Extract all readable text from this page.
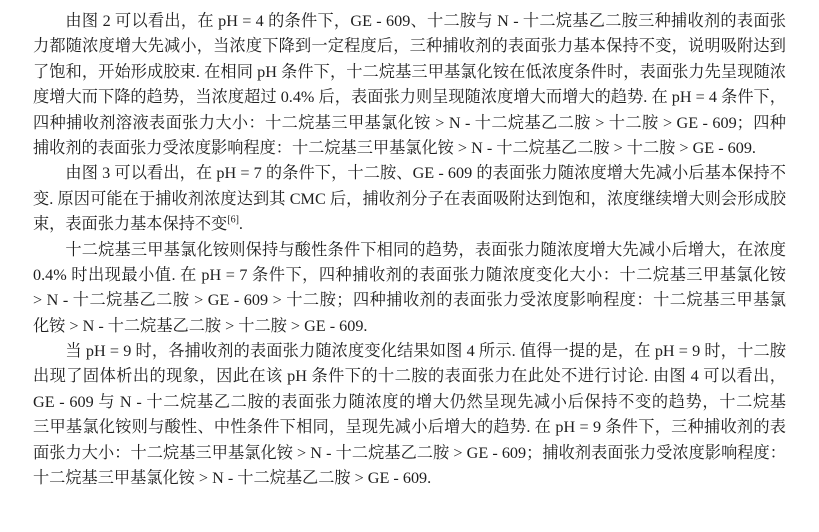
由图 2 可以看出，在 pH = 4 的条件下，GE - 609、十二胺与 N - 十二烷基乙二胺三种捕收剂的表面张
力都随浓度增大先减小，当浓度下降到一定程度后，三种捕收剂的表面张力基本保持不变，说明吸附达到
了饱和，开始形成胶束. 在相同 pH 条件下，十二烷基三甲基氯化铵在低浓度条件时，表面张力先呈现随浓
度增大而下降的趋势，当浓度超过 0.4% 后，表面张力则呈现随浓度增大而增大的趋势. 在 pH = 4 条件下，
四种捕收剂溶液表面张力大小：十二烷基三甲基氯化铵 > N - 十二烷基乙二胺 > 十二胺 > GE - 609；四种
捕收剂的表面张力受浓度影响程度：十二烷基三甲基氯化铵 > N - 十二烷基乙二胺 > 十二胺 > GE - 609.
由图 3 可以看出，在 pH = 7 的条件下，十二胺、GE - 609 的表面张力随浓度增大先减小后基本保持不
变. 原因可能在于捕收剂浓度达到其 CMC 后，捕收剂分子在表面吸附达到饱和，浓度继续增大则会形成胶
束，表面张力基本保持不变[6].
十二烷基三甲基氯化铵则保持与酸性条件下相同的趋势，表面张力随浓度增大先减小后增大，在浓度
0.4% 时出现最小值. 在 pH = 7 条件下，四种捕收剂的表面张力随浓度变化大小：十二烷基三甲基氯化铵
> N - 十二烷基乙二胺 > GE - 609 > 十二胺；四种捕收剂的表面张力受浓度影响程度：十二烷基三甲基氯
化铵 > N - 十二烷基乙二胺 > 十二胺 > GE - 609.
当 pH = 9 时，各捕收剂的表面张力随浓度变化结果如图 4 所示. 值得一提的是，在 pH = 9 时，十二胺
出现了固体析出的现象，因此在该 pH 条件下的十二胺的表面张力在此处不进行讨论. 由图 4 可以看出，
GE - 609 与 N - 十二烷基乙二胺的表面张力随浓度的增大仍然呈现先减小后保持不变的趋势，十二烷基
三甲基氯化铵则与酸性、中性条件下相同，呈现先减小后增大的趋势. 在 pH = 9 条件下，三种捕收剂的表
面张力大小：十二烷基三甲基氯化铵 > N - 十二烷基乙二胺 > GE - 609；捕收剂表面张力受浓度影响程度：
十二烷基三甲基氯化铵 > N - 十二烷基乙二胺 > GE - 609.
